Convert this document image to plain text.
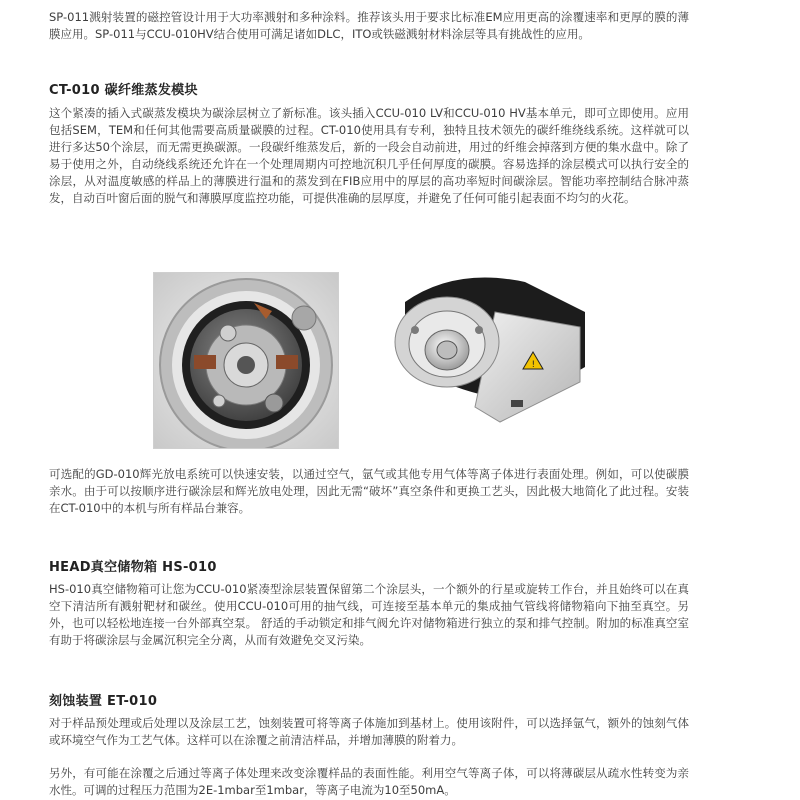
SP-011溅射装置的磁控管设计用于大功率溅射和多种涂料。推荐该头用于要求比标准EM应用更高的涂覆速率和更厚的膜的薄膜应用。SP-011与CCU-010HV结合使用可满足诸如DLC，ITO或铁磁溅射材料涂层等具有挑战性的应用。

CT-010 碳纤维蒸发模块

这个紧凑的插入式碳蒸发模块为碳涂层树立了新标准。该头插入CCU-010 LV和CCU-010 HV基本单元，即可立即使用。应用包括SEM，TEM和任何其他需要高质量碳膜的过程。CT-010使用具有专利，独特且技术领先的碳纤维绕线系统。这样就可以进行多达50个涂层，而无需更换碳源。一段碳纤维蒸发后，新的一段会自动前进，用过的纤维会掉落到方便的集水盘中。除了易于使用之外，自动绕线系统还允许在一个处理周期内可控地沉积几乎任何厚度的碳膜。容易选择的涂层模式可以执行安全的涂层，从对温度敏感的样品上的薄膜进行温和的蒸发到在FIB应用中的厚层的高功率短时间碳涂层。智能功率控制结合脉冲蒸发，自动百叶窗后面的脱气和薄膜厚度监控功能，可提供准确的层厚度，并避免了任何可能引起表面不均匀的火花。

!

可选配的GD-010辉光放电系统可以快速安装，以通过空气，氩气或其他专用气体等离子体进行表面处理。例如，可以使碳膜亲水。由于可以按顺序进行碳涂层和辉光放电处理，因此无需“破坏”真空条件和更换工艺头，因此极大地简化了此过程。安装在CT-010中的本机与所有样品台兼容。

HEAD真空储物箱 HS-010

HS-010真空储物箱可让您为CCU-010紧凑型涂层装置保留第二个涂层头，一个额外的行星或旋转工作台，并且始终可以在真空下清洁所有溅射靶材和碳丝。使用CCU-010可用的抽气线，可连接至基本单元的集成抽气管线将储物箱向下抽至真空。另外，也可以轻松地连接一台外部真空泵。 舒适的手动锁定和排气阀允许对储物箱进行独立的泵和排气控制。附加的标准真空室有助于将碳涂层与金属沉积完全分离，从而有效避免交叉污染。

刻蚀装置 ET-010

对于样品预处理或后处理以及涂层工艺，蚀刻装置可将等离子体施加到基材上。使用该附件，可以选择氩气，额外的蚀刻气体或环境空气作为工艺气体。这样可以在涂覆之前清洁样品，并增加薄膜的附着力。

另外，有可能在涂覆之后通过等离子体处理来改变涂覆样品的表面性能。利用空气等离子体，可以将薄碳层从疏水性转变为亲水性。可调的过程压力范围为2E-1mbar至1mbar，等离子电流为10至50mA。
